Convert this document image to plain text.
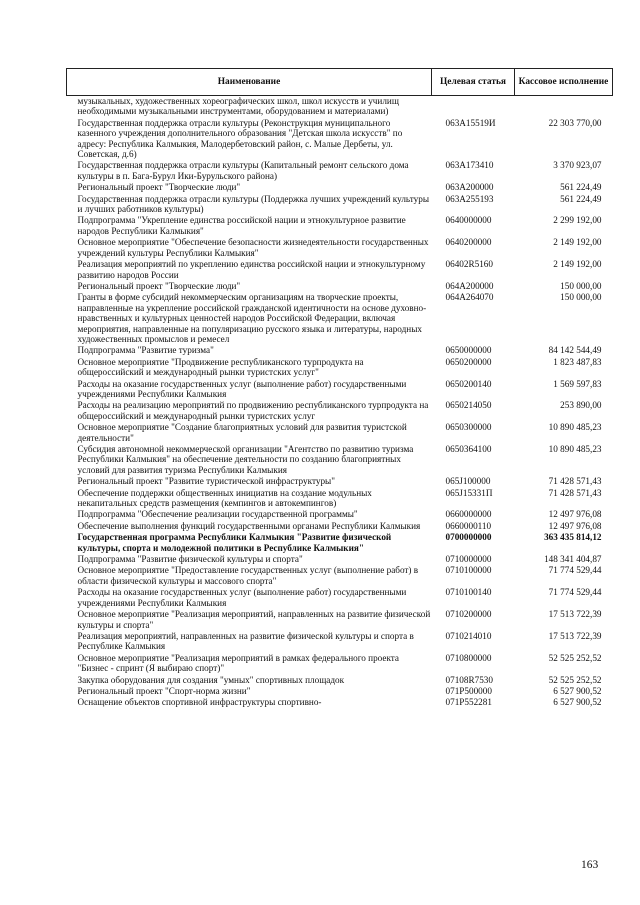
Наименование	Целевая статья	Кассовое исполнение
музыкальных, художественных хореографических школ, школ искусств и училищ необходимыми музыкальными инструментами, оборудованием и материалами)		
Государственная поддержка отрасли культуры (Реконструкция муниципального казенного учреждения дополнительного образования "Детская школа искусств" по адресу: Республика Калмыкия, Малодербетовский район, с. Малые Дербеты, ул. Советская, д.6)	063A15519И	22 303 770,00
Государственная поддержка отрасли культуры (Капитальный ремонт сельского дома культуры в п. Бага-Бурул Ики-Бурульского района)	063A173410	3 370 923,07
Региональный проект "Творческие люди"	063A200000	561 224,49
Государственная поддержка отрасли культуры (Поддержка лучших учреждений культуры и лучших работников культуры)	063A255193	561 224,49
Подпрограмма "Укрепление единства российской нации и этнокультурное развитие народов Республики Калмыкия"	0640000000	2 299 192,00
Основное мероприятие "Обеспечение безопасности жизнедеятельности государственных учреждений культуры Республики Калмыкия"	0640200000	2 149 192,00
Реализация мероприятий по укреплению единства российской нации и этнокультурному развитию народов России	06402R5160	2 149 192,00
Региональный проект "Творческие люди"	064A200000	150 000,00
Гранты в форме субсидий некоммерческим организациям на творческие проекты, направленные на укрепление российской гражданской идентичности на основе духовно-нравственных и культурных ценностей народов Российской Федерации, включая мероприятия, направленные на популяризацию русского языка и литературы, народных художественных промыслов и ремесел	064A264070	150 000,00
Подпрограмма "Развитие туризма"	0650000000	84 142 544,49
Основное мероприятие "Продвижение республиканского турпродукта на общероссийский и международный рынки туристских услуг"	0650200000	1 823 487,83
Расходы на оказание государственных услуг (выполнение работ) государственными учреждениями Республики Калмыкия	0650200140	1 569 597,83
Расходы на реализацию мероприятий по продвижению республиканского турпродукта на общероссийский и международный рынки туристских услуг	0650214050	253 890,00
Основное мероприятие "Создание благоприятных условий для развития туристской деятельности"	0650300000	10 890 485,23
Субсидия автономной некоммерческой организации "Агентство по развитию туризма Республики Калмыкия" на обеспечение деятельности по созданию благоприятных условий для развития туризма Республики Калмыкия	0650364100	10 890 485,23
Региональный проект "Развитие туристической инфраструктуры"	065J100000	71 428 571,43
Обеспечение поддержки общественных инициатив на создание модульных некапитальных средств размещения (кемпингов и автокемпингов)	065J15331П	71 428 571,43
Подпрограмма "Обеспечение реализации государственной программы"	0660000000	12 497 976,08
Обеспечение выполнения функций государственными органами Республики Калмыкия	0660000110	12 497 976,08
Государственная программа Республики Калмыкия "Развитие физической культуры, спорта и молодежной политики в Республике Калмыкия"	0700000000	363 435 814,12
Подпрограмма "Развитие физической культуры и спорта"	0710000000	148 341 404,87
Основное мероприятие "Предоставление государственных услуг (выполнение работ) в области физической культуры и массового спорта"	0710100000	71 774 529,44
Расходы на оказание государственных услуг (выполнение работ) государственными учреждениями Республики Калмыкия	0710100140	71 774 529,44
Основное мероприятие "Реализация мероприятий, направленных на развитие физической культуры и спорта"	0710200000	17 513 722,39
Реализация мероприятий, направленных на развитие физической культуры и спорта в Республике Калмыкия	0710214010	17 513 722,39
Основное мероприятие "Реализация мероприятий в рамках федерального проекта "Бизнес - спринт (Я выбираю спорт)"	0710800000	52 525 252,52
Закупка оборудования для создания "умных" спортивных площадок	07108R7530	52 525 252,52
Региональный проект "Спорт-норма жизни"	071P500000	6 527 900,52
Оснащение объектов спортивной инфраструктуры спортивно-	071P552281	6 527 900,52
163
